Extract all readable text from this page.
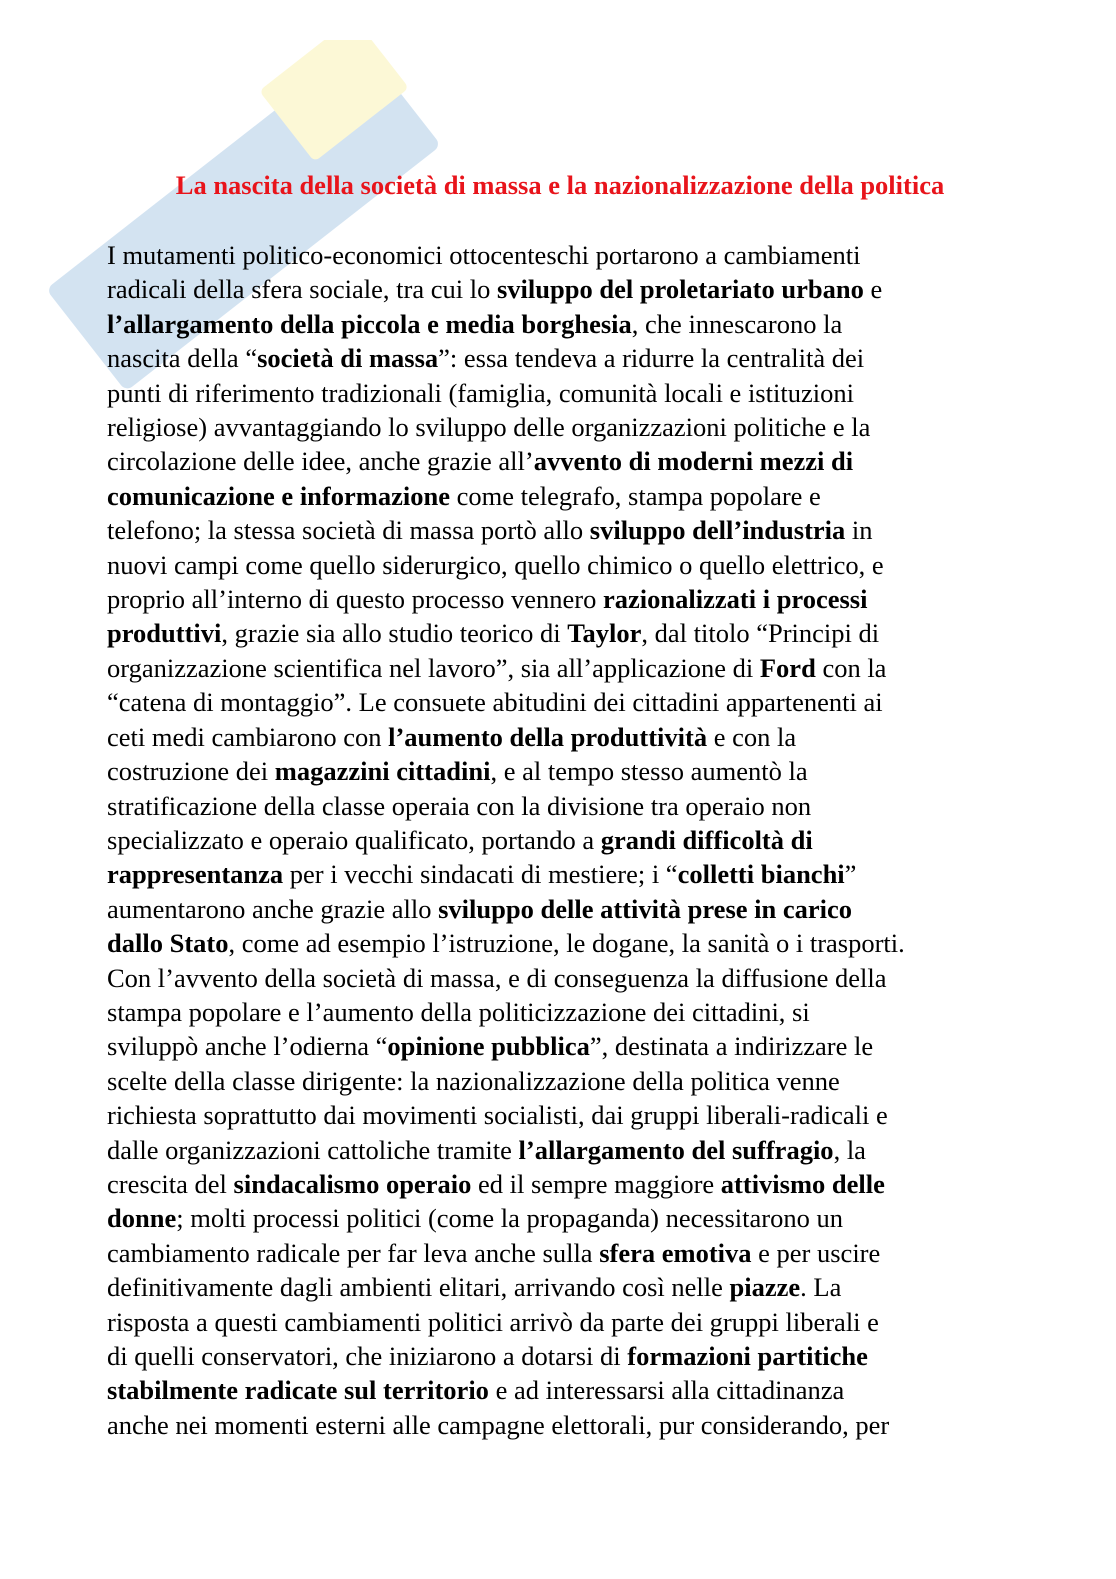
La nascita della società di massa e la nazionalizzazione della politica
I mutamenti politico-economici ottocenteschi portarono a cambiamenti
radicali della sfera sociale, tra cui lo sviluppo del proletariato urbano e
l’allargamento della piccola e media borghesia, che innescarono la
nascita della “società di massa”: essa tendeva a ridurre la centralità dei
punti di riferimento tradizionali (famiglia, comunità locali e istituzioni
religiose) avvantaggiando lo sviluppo delle organizzazioni politiche e la
circolazione delle idee, anche grazie all’avvento di moderni mezzi di
comunicazione e informazione come telegrafo, stampa popolare e
telefono; la stessa società di massa portò allo sviluppo dell’industria in
nuovi campi come quello siderurgico, quello chimico o quello elettrico, e
proprio all’interno di questo processo vennero razionalizzati i processi
produttivi, grazie sia allo studio teorico di Taylor, dal titolo “Principi di
organizzazione scientifica nel lavoro”, sia all’applicazione di Ford con la
“catena di montaggio”. Le consuete abitudini dei cittadini appartenenti ai
ceti medi cambiarono con l’aumento della produttività e con la
costruzione dei magazzini cittadini, e al tempo stesso aumentò la
stratificazione della classe operaia con la divisione tra operaio non
specializzato e operaio qualificato, portando a grandi difficoltà di
rappresentanza per i vecchi sindacati di mestiere; i “colletti bianchi”
aumentarono anche grazie allo sviluppo delle attività prese in carico
dallo Stato, come ad esempio l’istruzione, le dogane, la sanità o i trasporti.
Con l’avvento della società di massa, e di conseguenza la diffusione della
stampa popolare e l’aumento della politicizzazione dei cittadini, si
sviluppò anche l’odierna “opinione pubblica”, destinata a indirizzare le
scelte della classe dirigente: la nazionalizzazione della politica venne
richiesta soprattutto dai movimenti socialisti, dai gruppi liberali-radicali e
dalle organizzazioni cattoliche tramite l’allargamento del suffragio, la
crescita del sindacalismo operaio ed il sempre maggiore attivismo delle
donne; molti processi politici (come la propaganda) necessitarono un
cambiamento radicale per far leva anche sulla sfera emotiva e per uscire
definitivamente dagli ambienti elitari, arrivando così nelle piazze. La
risposta a questi cambiamenti politici arrivò da parte dei gruppi liberali e
di quelli conservatori, che iniziarono a dotarsi di formazioni partitiche
stabilmente radicate sul territorio e ad interessarsi alla cittadinanza
anche nei momenti esterni alle campagne elettorali, pur considerando, per
